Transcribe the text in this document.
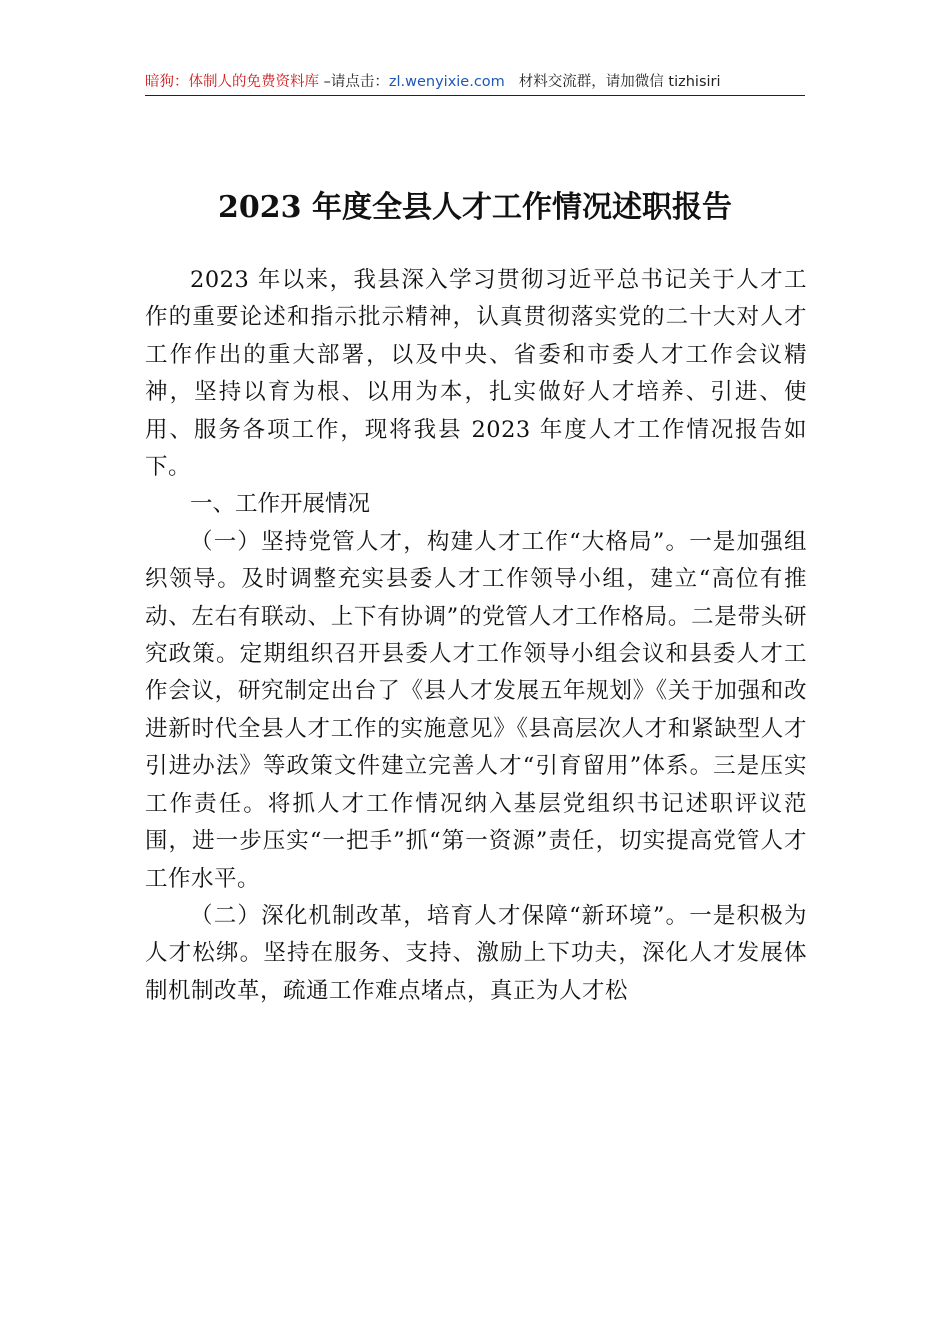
暗狗：体制人的免费资料库 –请点击：zl.wenyixie.com 材料交流群，请加微信 tizhisiri
2023 年度全县人才工作情况述职报告

2023 年以来，我县深入学习贯彻习近平总书记关于人才工作的重要论述和指示批示精神，认真贯彻落实党的二十大对人才工作作出的重大部署，以及中央、省委和市委人才工作会议精神，坚持以育为根、以用为本，扎实做好人才培养、引进、使用、服务各项工作，现将我县 2023 年度人才工作情况报告如下。

一、工作开展情况

（一）坚持党管人才，构建人才工作“大格局”。一是加强组织领导。及时调整充实县委人才工作领导小组，建立“高位有推动、左右有联动、上下有协调”的党管人才工作格局。二是带头研究政策。定期组织召开县委人才工作领导小组会议和县委人才工作会议，研究制定出台了《县人才发展五年规划》《关于加强和改进新时代全县人才工作的实施意见》《县高层次人才和紧缺型人才引进办法》等政策文件建立完善人才“引育留用”体系。三是压实工作责任。将抓人才工作情况纳入基层党组织书记述职评议范围，进一步压实“一把手”抓“第一资源”责任，切实提高党管人才工作水平。

（二）深化机制改革，培育人才保障“新环境”。一是积极为人才松绑。坚持在服务、支持、激励上下功夫，深化人才发展体制机制改革，疏通工作难点堵点，真正为人才松
